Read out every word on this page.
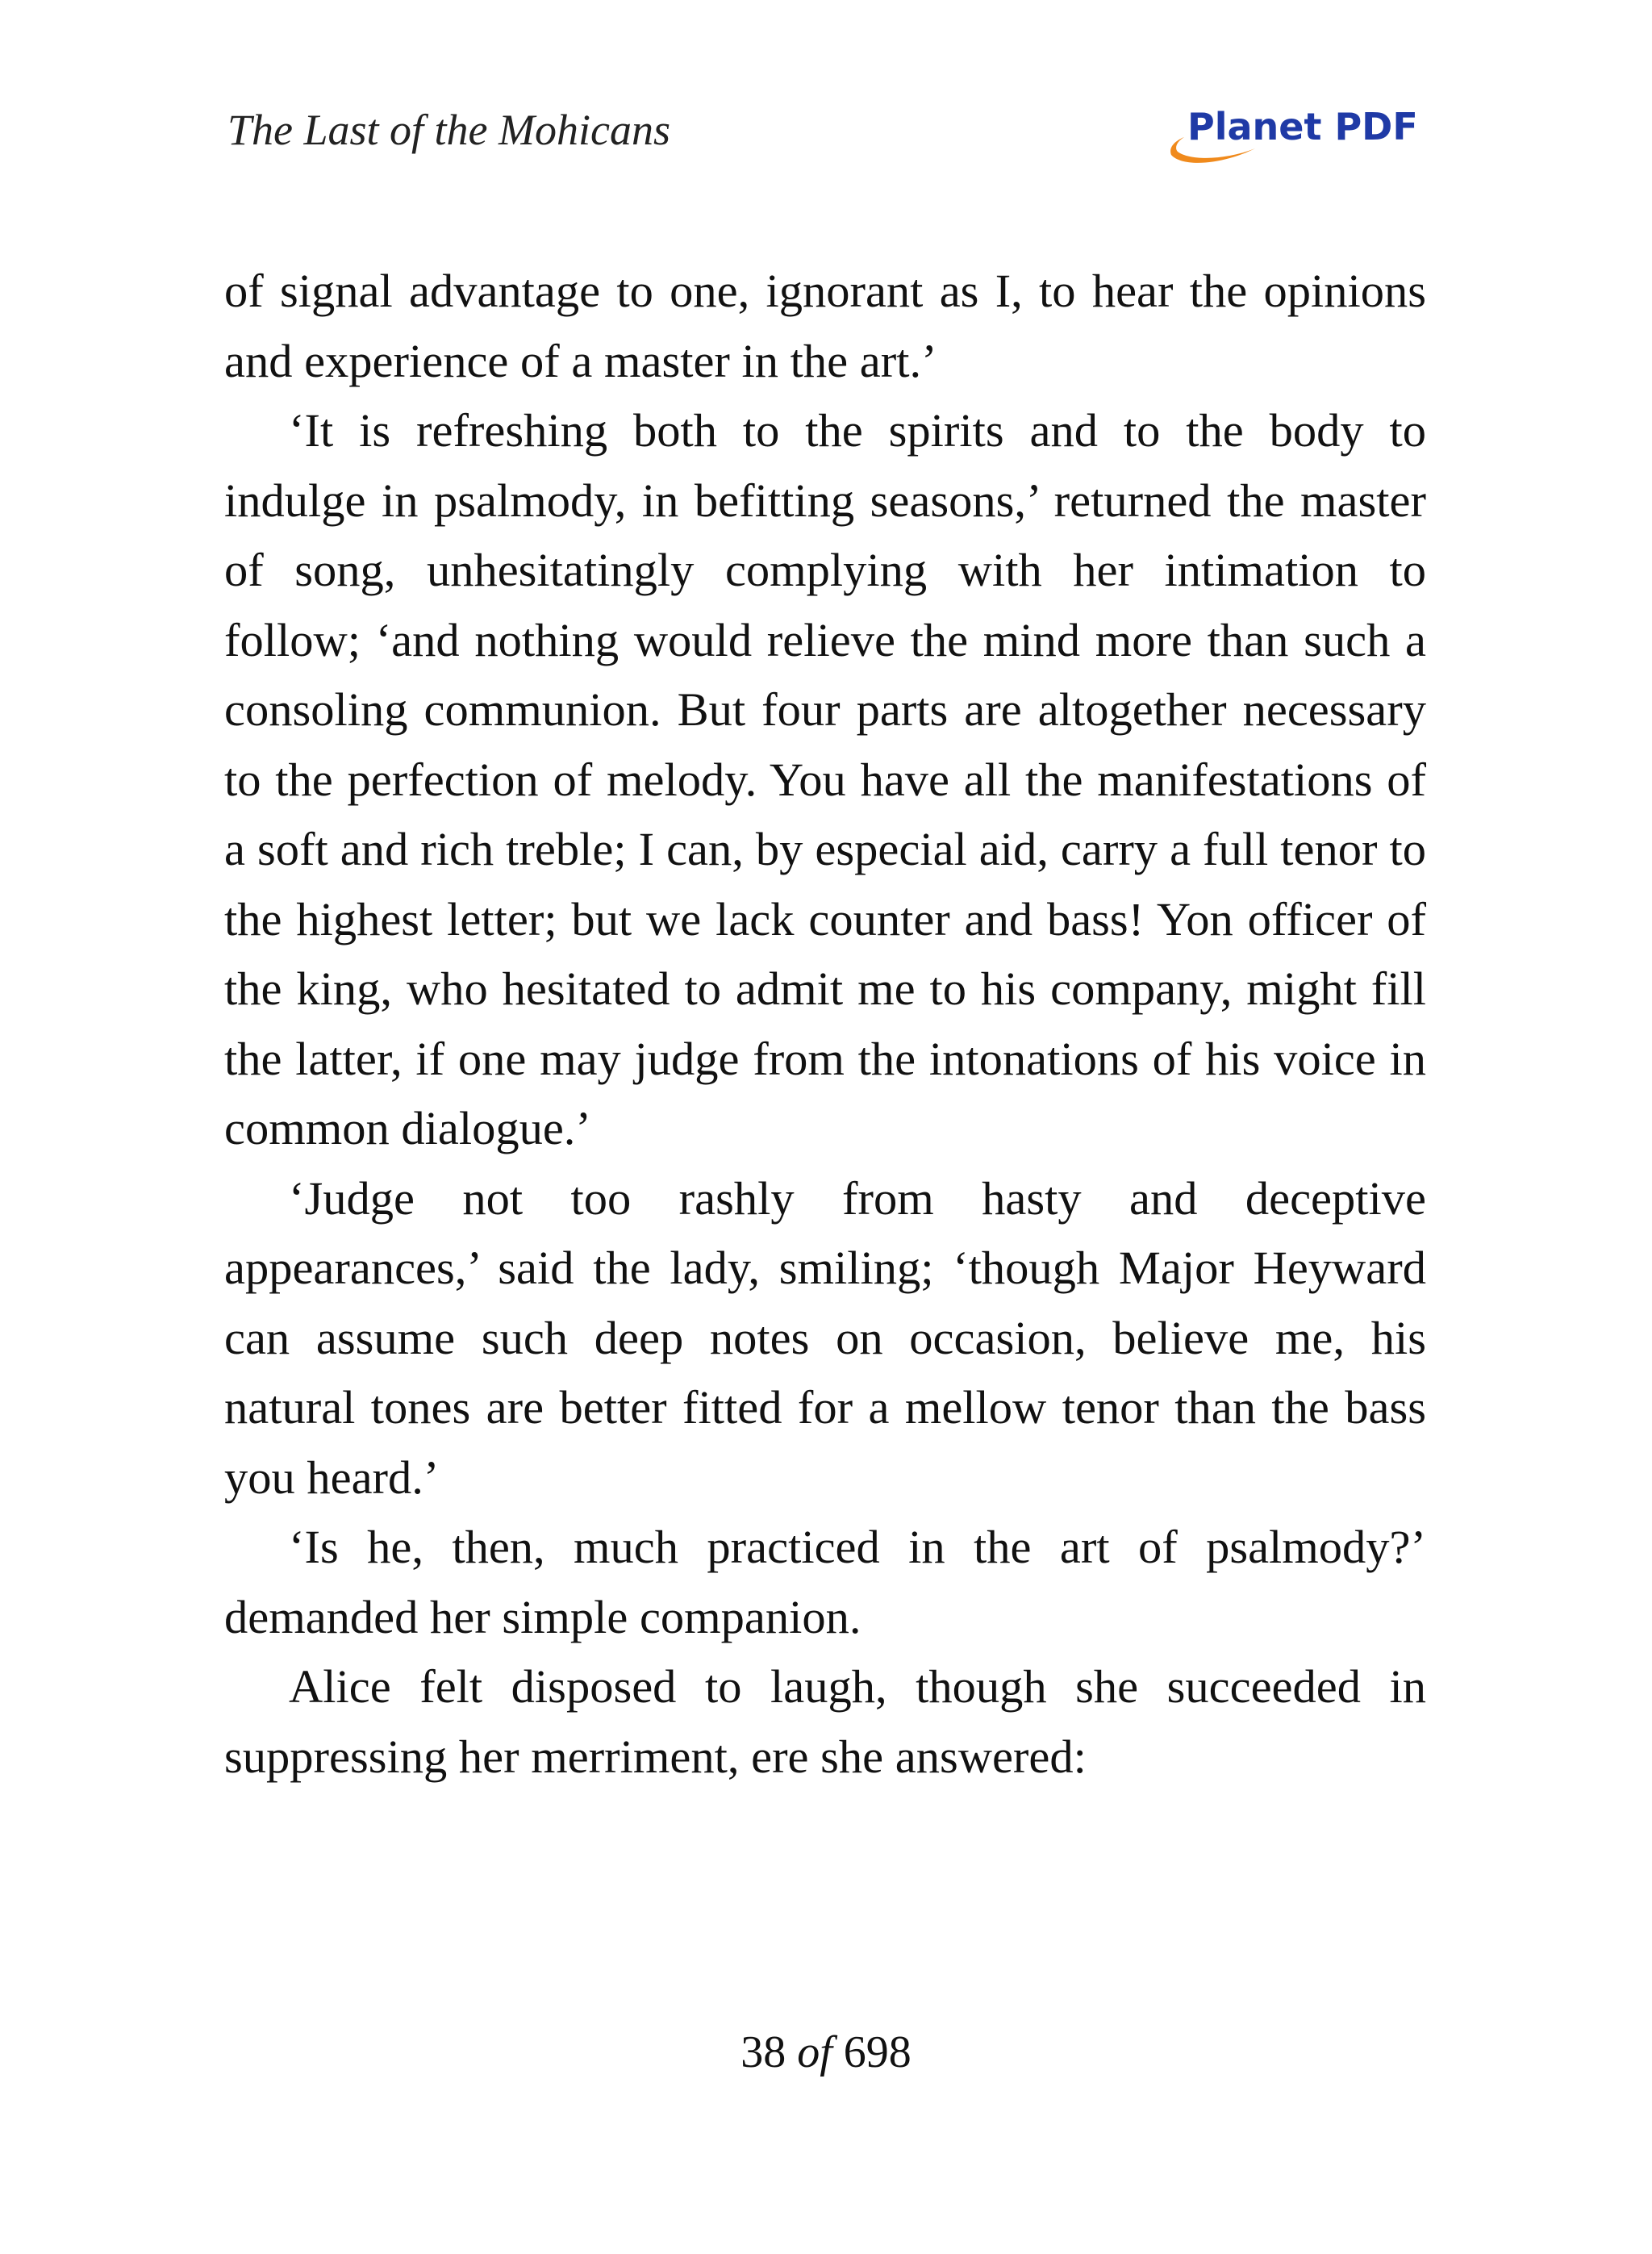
The Last of the Mohicans	Planet PDF

of signal advantage to one, ignorant as I, to hear the opinions and experience of a master in the art.’

‘It is refreshing both to the spirits and to the body to indulge in psalmody, in befitting seasons,’ returned the master of song, unhesitatingly complying with her intimation to follow; ‘and nothing would relieve the mind more than such a consoling communion. But four parts are altogether necessary to the perfection of melody. You have all the manifestations of a soft and rich treble; I can, by especial aid, carry a full tenor to the highest letter; but we lack counter and bass! Yon officer of the king, who hesitated to admit me to his company, might fill the latter, if one may judge from the intonations of his voice in common dialogue.’

‘Judge not too rashly from hasty and deceptive appearances,’ said the lady, smiling; ‘though Major Heyward can assume such deep notes on occasion, believe me, his natural tones are better fitted for a mellow tenor than the bass you heard.’

‘Is he, then, much practiced in the art of psalmody?’ demanded her simple companion.

Alice felt disposed to laugh, though she succeeded in suppressing her merriment, ere she answered:

38 of 698
